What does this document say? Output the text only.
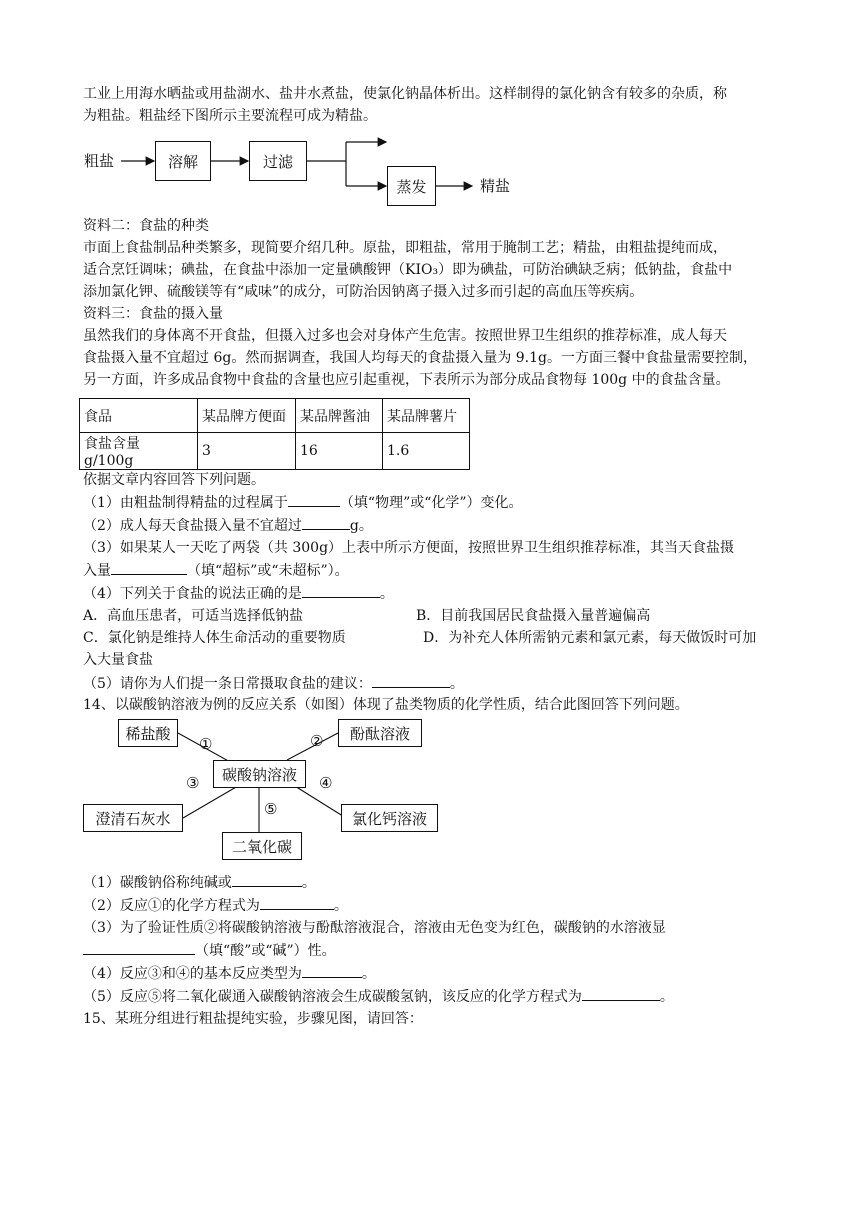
工业上用海水晒盐或用盐湖水、盐井水煮盐，使氯化钠晶体析出。这样制得的氯化钠含有较多的杂质，称
为粗盐。粗盐经下图所示主要流程可成为精盐。
粗盐	溶解	过滤
蒸发	精盐
资料二：食盐的种类
市面上食盐制品种类繁多，现简要介绍几种。原盐，即粗盐，常用于腌制工艺；精盐，由粗盐提纯而成，
适合烹饪调味；碘盐，在食盐中添加一定量碘酸钾（KIO₃）即为碘盐，可防治碘缺乏病；低钠盐，食盐中
添加氯化钾、硫酸镁等有“咸味”的成分，可防治因钠离子摄入过多而引起的高血压等疾病。
资料三：食盐的摄入量
虽然我们的身体离不开食盐，但摄入过多也会对身体产生危害。按照世界卫生组织的推荐标准，成人每天
食盐摄入量不宜超过 6g。然而据调查，我国人均每天的食盐摄入量为 9.1g。一方面三餐中食盐量需要控制，
另一方面，许多成品食物中食盐的含量也应引起重视，下表所示为部分成品食物每 100g 中的食盐含量。
食品	某品牌方便面	某品牌酱油	某品牌薯片
食盐含量 g/100g	3	16	1.6
依据文章内容回答下列问题。
（1）由粗盐制得精盐的过程属于	（填“物理”或“化学”）变化。
（2）成人每天食盐摄入量不宜超过	g。
（3）如果某人一天吃了两袋（共 300g）上表中所示方便面，按照世界卫生组织推荐标准，其当天食盐摄
入量	（填“超标”或“未超标”）。
（4）下列关于食盐的说法正确的是	。
A．高血压患者，可适当选择低钠盐	B．目前我国居民食盐摄入量普遍偏高
C．氯化钠是维持人体生命活动的重要物质	D．为补充人体所需钠元素和氯元素，每天做饭时可加
入大量食盐
（5）请你为人们提一条日常摄取食盐的建议：	。
14、以碳酸钠溶液为例的反应关系（如图）体现了盐类物质的化学性质，结合此图回答下列问题。
稀盐酸	酚酞溶液
碳酸钠溶液
澄清石灰水	氯化钙溶液
二氧化碳
①	②
③	④
⑤
（1）碳酸钠俗称纯碱或	。
（2）反应①的化学方程式为	。
（3）为了验证性质②将碳酸钠溶液与酚酞溶液混合，溶液由无色变为红色，碳酸钠的水溶液显
（填“酸”或“碱”）性。
（4）反应③和④的基本反应类型为	。
（5）反应⑤将二氧化碳通入碳酸钠溶液会生成碳酸氢钠，该反应的化学方程式为	。
15、某班分组进行粗盐提纯实验，步骤见图，请回答：
